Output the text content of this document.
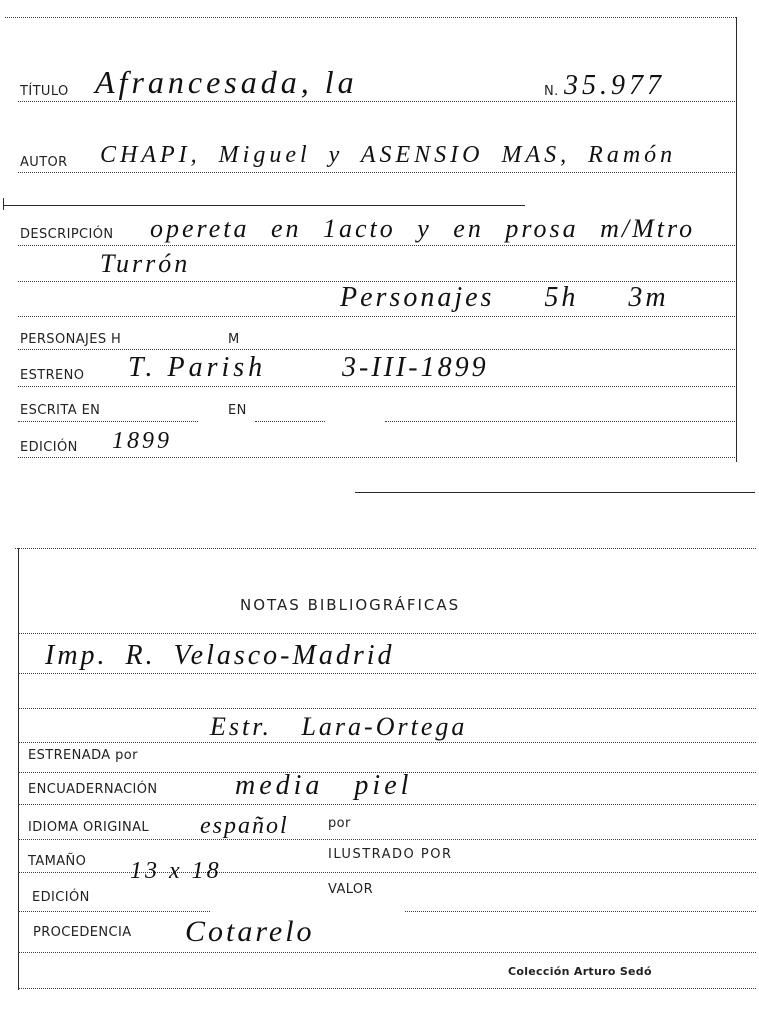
TÍTULO Afrancesada, la	N. 35.977
AUTOR CHAPI, Miguel y ASENSIO MAS, Ramón
DESCRIPCIÓN opereta en 1acto y en prosa m/Mtro
Turrón
Personajes 5h 3m
PERSONAJES H	M
ESTRENO T. Parish	3-III-1899
ESCRITA EN	EN
EDICIÓN 1899
NOTAS BIBLIOGRÁFICAS
Imp. R. Velasco-Madrid
Estr. Lara-Ortega
ESTRENADA por
ENCUADERNACIÓN	media piel
IDIOMA ORIGINAL español	por
TAMAÑO 13 x 18
ILUSTRADO POR
EDICIÓN
VALOR
PROCEDENCIA Cotarelo
Colección Arturo Sedó
